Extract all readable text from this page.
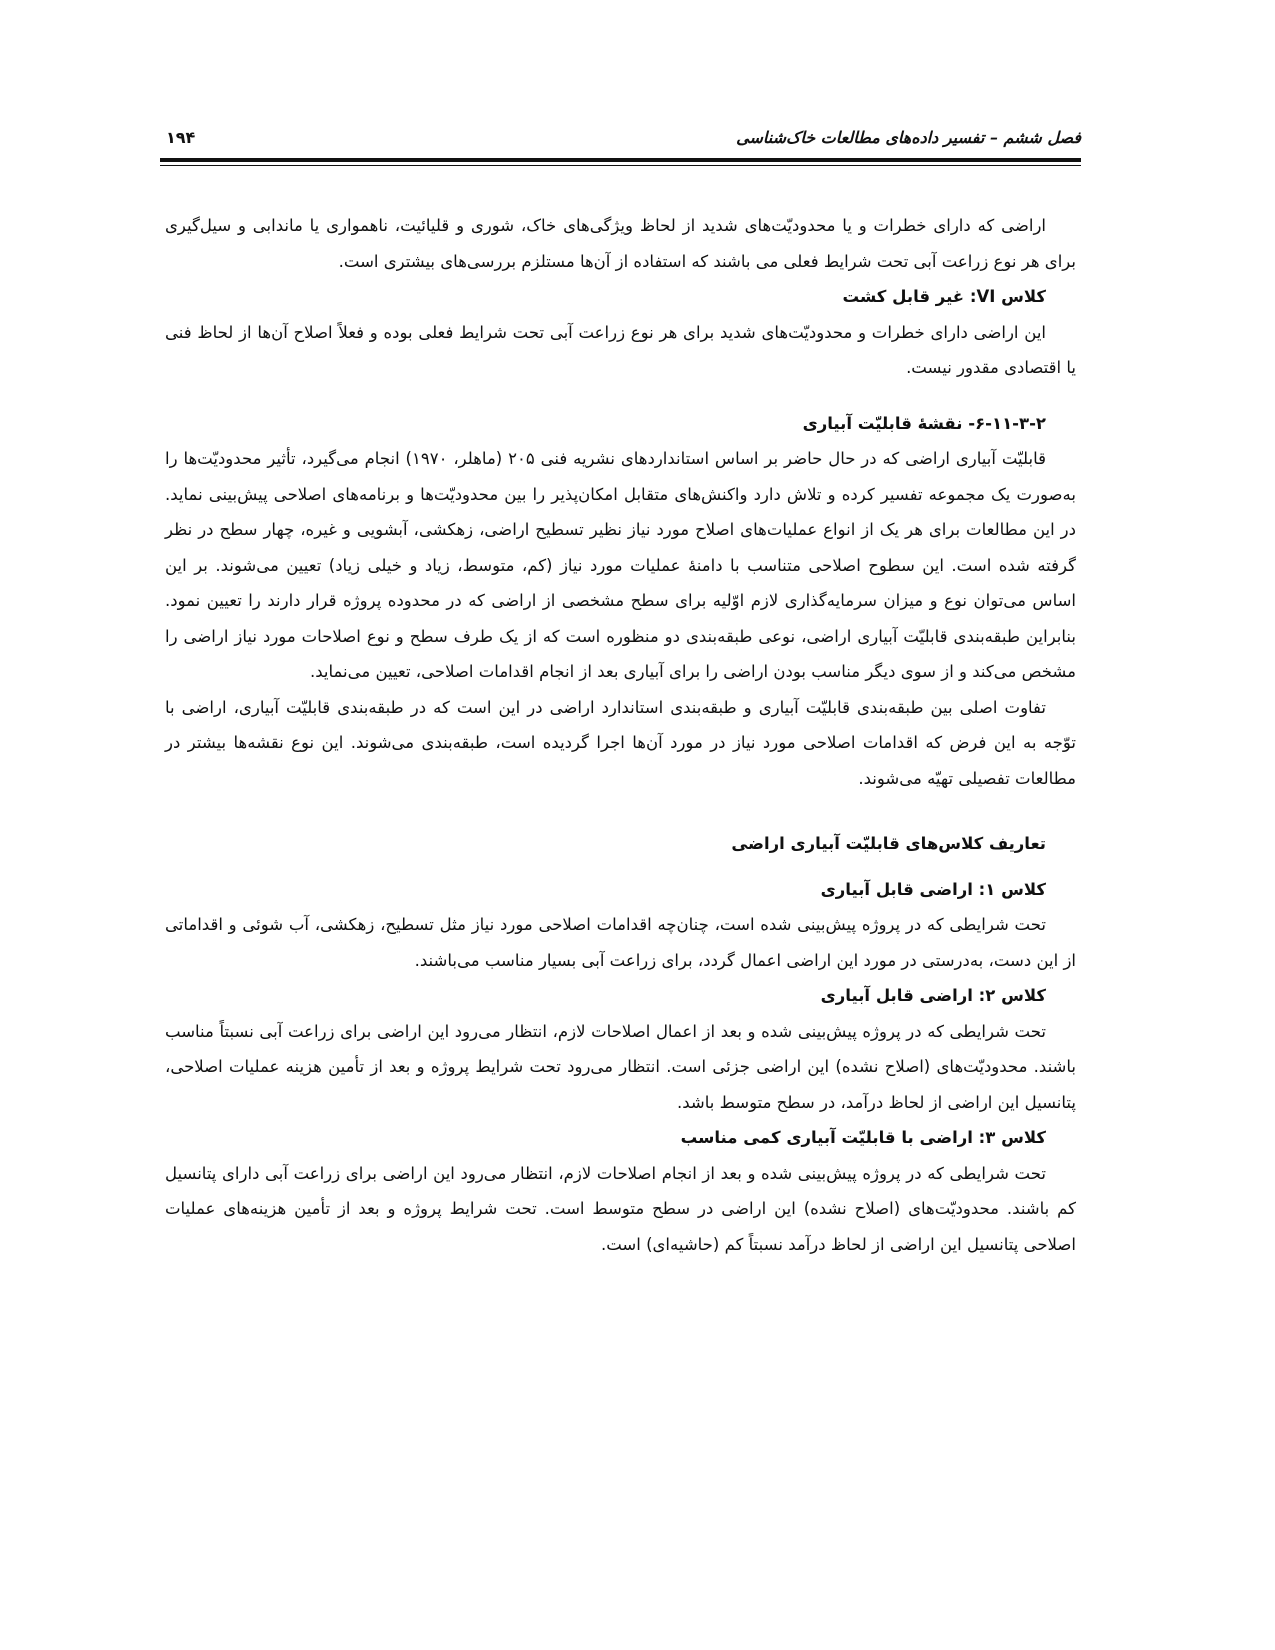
فصل ششم – تفسیر داده‌های مطالعات خاک‌شناسی
۱۹۴

اراضی که دارای خطرات و یا محدودیّت‌های شدید از لحاظ ویژگی‌های خاک، شوری و قلیائیت، ناهمواری یا ماندابی و سیل‌گیری برای هر نوع زراعت آبی تحت شرایط فعلی می باشند که استفاده از آن‌ها مستلزم بررسی‌های بیشتری است.

کلاس VI: غیر قابل کشت

این اراضی دارای خطرات و محدودیّت‌های شدید برای هر نوع زراعت آبی تحت شرایط فعلی بوده و فعلاً اصلاح آن‌ها از لحاظ فنی یا اقتصادی مقدور نیست.

۶-۱۱-۳-۲- نقشهٔ قابلیّت آبیاری

قابلیّت آبیاری اراضی که در حال حاضر بر اساس استانداردهای نشریه فنی ۲۰۵ (ماهلر، ۱۹۷۰) انجام می‌گیرد، تأثیر محدودیّت‌ها را به‌صورت یک مجموعه تفسیر کرده و تلاش دارد واکنش‌های متقابل امکان‌پذیر را بین محدودیّت‌ها و برنامه‌های اصلاحی پیش‌بینی نماید. در این مطالعات برای هر یک از انواع عملیات‌های اصلاح مورد نیاز نظیر تسطیح اراضی، زهکشی، آبشویی و غیره، چهار سطح در نظر گرفته شده است. این سطوح اصلاحی متناسب با دامنهٔ عملیات مورد نیاز (کم، متوسط، زیاد و خیلی زیاد) تعیین می‌شوند. بر این اساس می‌توان نوع و میزان سرمایه‌گذاری لازم اوّلیه برای سطح مشخصی از اراضی که در محدوده پروژه قرار دارند را تعیین نمود. بنابراین طبقه‌بندی قابلیّت آبیاری اراضی، نوعی طبقه‌بندی دو منظوره است که از یک طرف سطح و نوع اصلاحات مورد نیاز اراضی را مشخص می‌کند و از سوی دیگر مناسب بودن اراضی را برای آبیاری بعد از انجام اقدامات اصلاحی، تعیین می‌نماید.

تفاوت اصلی بین طبقه‌بندی قابلیّت آبیاری و طبقه‌بندی استاندارد اراضی در این است که در طبقه‌بندی قابلیّت آبیاری، اراضی با توّجه به این فرض که اقدامات اصلاحی مورد نیاز در مورد آن‌ها اجرا گردیده است، طبقه‌بندی می‌شوند. این نوع نقشه‌ها بیشتر در مطالعات تفصیلی تهیّه می‌شوند.

تعاریف کلاس‌های قابلیّت آبیاری اراضی
کلاس ۱: اراضی قابل آبیاری

تحت شرایطی که در پروژه پیش‌بینی شده است، چنان‌چه اقدامات اصلاحی مورد نیاز مثل تسطیح، زهکشی، آب شوئی و اقداماتی از این دست، به‌درستی در مورد این اراضی اعمال گردد، برای زراعت آبی بسیار مناسب می‌باشند.

کلاس ۲: اراضی قابل آبیاری

تحت شرایطی که در پروژه پیش‌بینی شده و بعد از اعمال اصلاحات لازم، انتظار می‌رود این اراضی برای زراعت آبی نسبتاً مناسب باشند. محدودیّت‌های (اصلاح نشده) این اراضی جزئی است. انتظار می‌رود تحت شرایط پروژه و بعد از تأمین هزینه عملیات اصلاحی، پتانسیل این اراضی از لحاظ درآمد، در سطح متوسط باشد.

کلاس ۳: اراضی با قابلیّت آبیاری کمی مناسب

تحت شرایطی که در پروژه پیش‌بینی شده و بعد از انجام اصلاحات لازم، انتظار می‌رود این اراضی برای زراعت آبی دارای پتانسیل کم باشند. محدودیّت‌های (اصلاح نشده) این اراضی در سطح متوسط است. تحت شرایط پروژه و بعد از تأمین هزینه‌های عملیات اصلاحی پتانسیل این اراضی از لحاظ درآمد نسبتاً کم (حاشیه‌ای) است.
